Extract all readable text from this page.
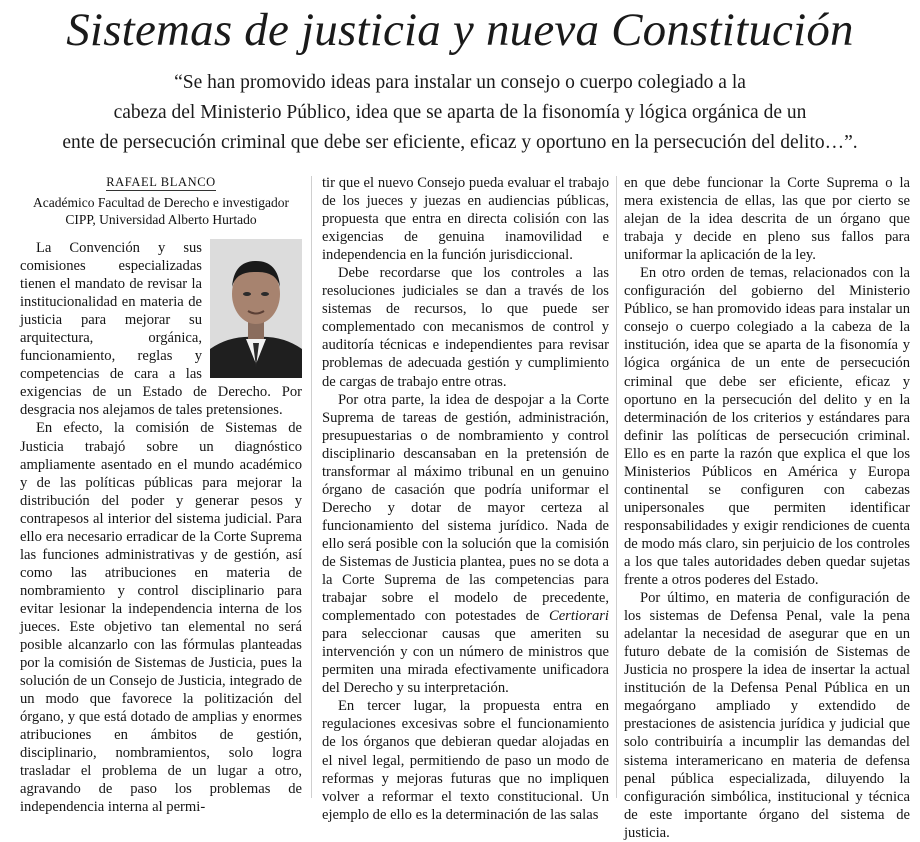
Sistemas de justicia y nueva Constitución
“Se han promovido ideas para instalar un consejo o cuerpo colegiado a la
cabeza del Ministerio Público, idea que se aparta de la fisonomía y lógica orgánica de un
ente de persecución criminal que debe ser eficiente, eficaz y oportuno en la persecución del delito…”.
RAFAEL BLANCO
Académico Facultad de Derecho e investigador
CIPP, Universidad Alberto Hurtado

La Convención y sus comisiones especializadas tienen el mandato de revisar la institucionalidad en materia de justicia para mejorar su arquitectura, orgánica, funcionamiento, reglas y competencias de cara a las exigencias de un Estado de Derecho. Por desgracia nos alejamos de tales pretensiones.

En efecto, la comisión de Sistemas de Justicia trabajó sobre un diagnóstico ampliamente asentado en el mundo académico y de las políticas públicas para mejorar la distribución del poder y generar pesos y contrapesos al interior del sistema judicial. Para ello era necesario erradicar de la Corte Suprema las funciones administrativas y de gestión, así como las atribuciones en materia de nombramiento y control disciplinario para evitar lesionar la independencia interna de los jueces. Este objetivo tan elemental no será posible alcanzarlo con las fórmulas planteadas por la comisión de Sistemas de Justicia, pues la solución de un Consejo de Justicia, integrado de un modo que favorece la politización del órgano, y que está dotado de amplias y enormes atribuciones en ámbitos de gestión, disciplinario, nombramientos, solo logra trasladar el problema de un lugar a otro, agravando de paso los problemas de independencia interna al permi-

tir que el nuevo Consejo pueda evaluar el trabajo de los jueces y juezas en audiencias públicas, propuesta que entra en directa colisión con las exigencias de genuina inamovilidad e independencia en la función jurisdiccional.

Debe recordarse que los controles a las resoluciones judiciales se dan a través de los sistemas de recursos, lo que puede ser complementado con mecanismos de control y auditoría técnicas e independientes para revisar problemas de adecuada gestión y cumplimiento de cargas de trabajo entre otras.

Por otra parte, la idea de despojar a la Corte Suprema de tareas de gestión, administración, presupuestarias o de nombramiento y control disciplinario descansaban en la pretensión de transformar al máximo tribunal en un genuino órgano de casación que podría uniformar el Derecho y dotar de mayor certeza al funcionamiento del sistema jurídico. Nada de ello será posible con la solución que la comisión de Sistemas de Justicia plantea, pues no se dota a la Corte Suprema de las competencias para trabajar sobre el modelo de precedente, complementado con potestades de Certiorari para seleccionar causas que ameriten su intervención y con un número de ministros que permiten una mirada efectivamente unificadora del Derecho y su interpretación.

En tercer lugar, la propuesta entra en regulaciones excesivas sobre el funcionamiento de los órganos que debieran quedar alojadas en el nivel legal, permitiendo de paso un modo de reformas y mejoras futuras que no impliquen volver a reformar el texto constitucional. Un ejemplo de ello es la determinación de las salas

en que debe funcionar la Corte Suprema o la mera existencia de ellas, las que por cierto se alejan de la idea descrita de un órgano que trabaja y decide en pleno sus fallos para uniformar la aplicación de la ley.

En otro orden de temas, relacionados con la configuración del gobierno del Ministerio Público, se han promovido ideas para instalar un consejo o cuerpo colegiado a la cabeza de la institución, idea que se aparta de la fisonomía y lógica orgánica de un ente de persecución criminal que debe ser eficiente, eficaz y oportuno en la persecución del delito y en la determinación de los criterios y estándares para definir las políticas de persecución criminal. Ello es en parte la razón que explica el que los Ministerios Públicos en América y Europa continental se configuren con cabezas unipersonales que permiten identificar responsabilidades y exigir rendiciones de cuenta de modo más claro, sin perjuicio de los controles a los que tales autoridades deben quedar sujetas frente a otros poderes del Estado.

Por último, en materia de configuración de los sistemas de Defensa Penal, vale la pena adelantar la necesidad de asegurar que en un futuro debate de la comisión de Sistemas de Justicia no prospere la idea de insertar la actual institución de la Defensa Penal Pública en un megaórgano ampliado y extendido de prestaciones de asistencia jurídica y judicial que solo contribuiría a incumplir las demandas del sistema interamericano en materia de defensa penal pública especializada, diluyendo la configuración simbólica, institucional y técnica de este importante órgano del sistema de justicia.
